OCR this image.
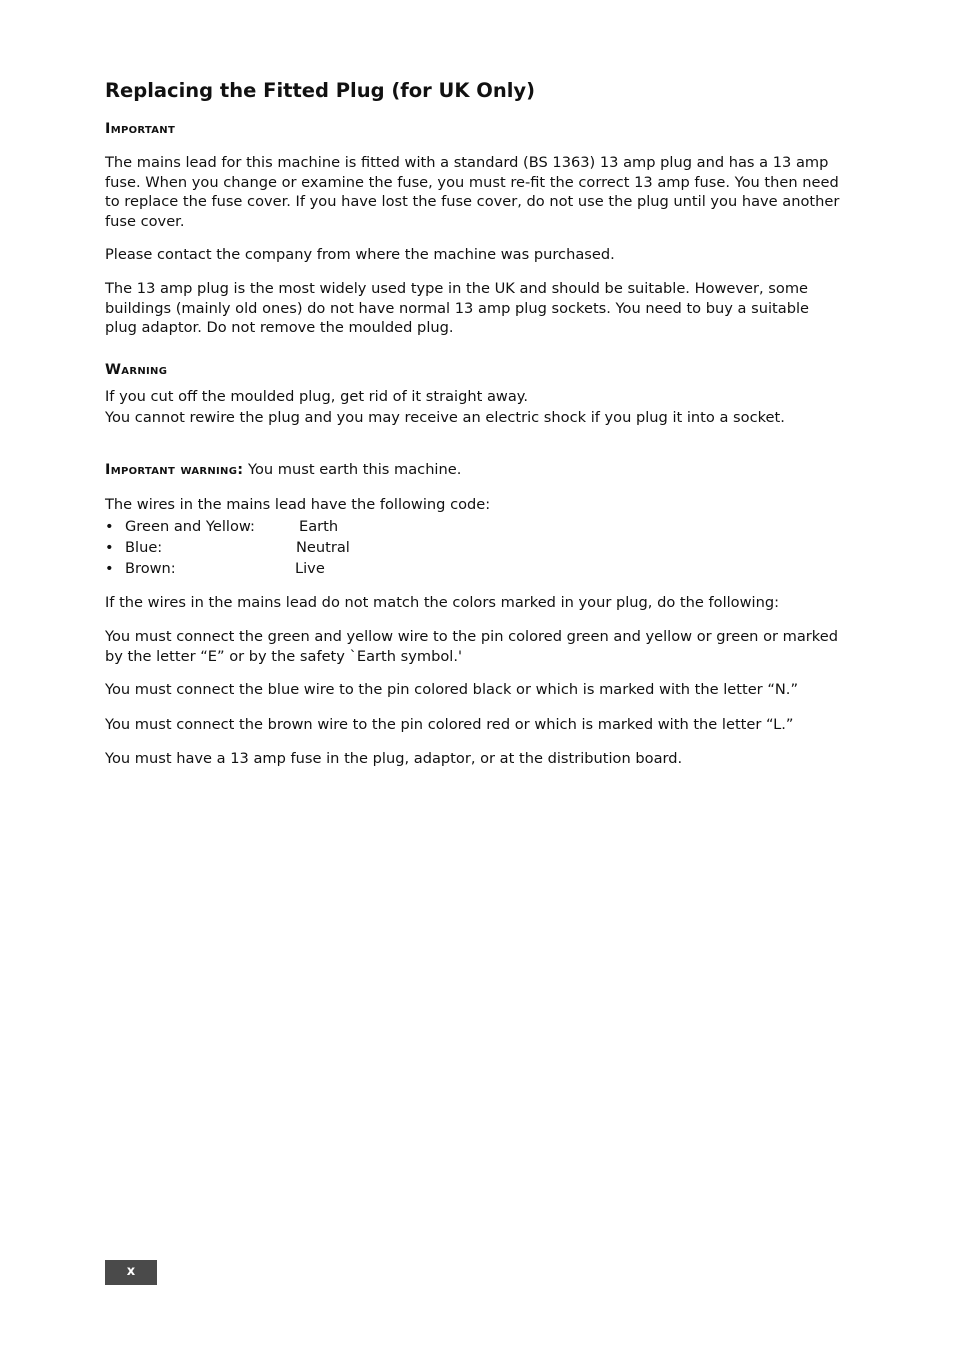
Replacing the Fitted Plug (for UK Only)
Important
The mains lead for this machine is fitted with a standard (BS 1363) 13 amp plug and has a 13 amp
fuse. When you change or examine the fuse, you must re-fit the correct 13 amp fuse. You then need
to replace the fuse cover. If you have lost the fuse cover, do not use the plug until you have another
fuse cover.
Please contact the company from where the machine was purchased.
The 13 amp plug is the most widely used type in the UK and should be suitable. However, some
buildings (mainly old ones) do not have normal 13 amp plug sockets. You need to buy a suitable
plug adaptor. Do not remove the moulded plug.
Warning
If you cut off the moulded plug, get rid of it straight away.
You cannot rewire the plug and you may receive an electric shock if you plug it into a socket.
Important warning: You must earth this machine.
The wires in the mains lead have the following code:
• Green and Yellow:	Earth
• Blue:	Neutral
• Brown:	Live
If the wires in the mains lead do not match the colors marked in your plug, do the following:
You must connect the green and yellow wire to the pin colored green and yellow or green or marked
by the letter “E” or by the safety `Earth symbol.'
You must connect the blue wire to the pin colored black or which is marked with the letter “N.”
You must connect the brown wire to the pin colored red or which is marked with the letter “L.”
You must have a 13 amp fuse in the plug, adaptor, or at the distribution board.
x
